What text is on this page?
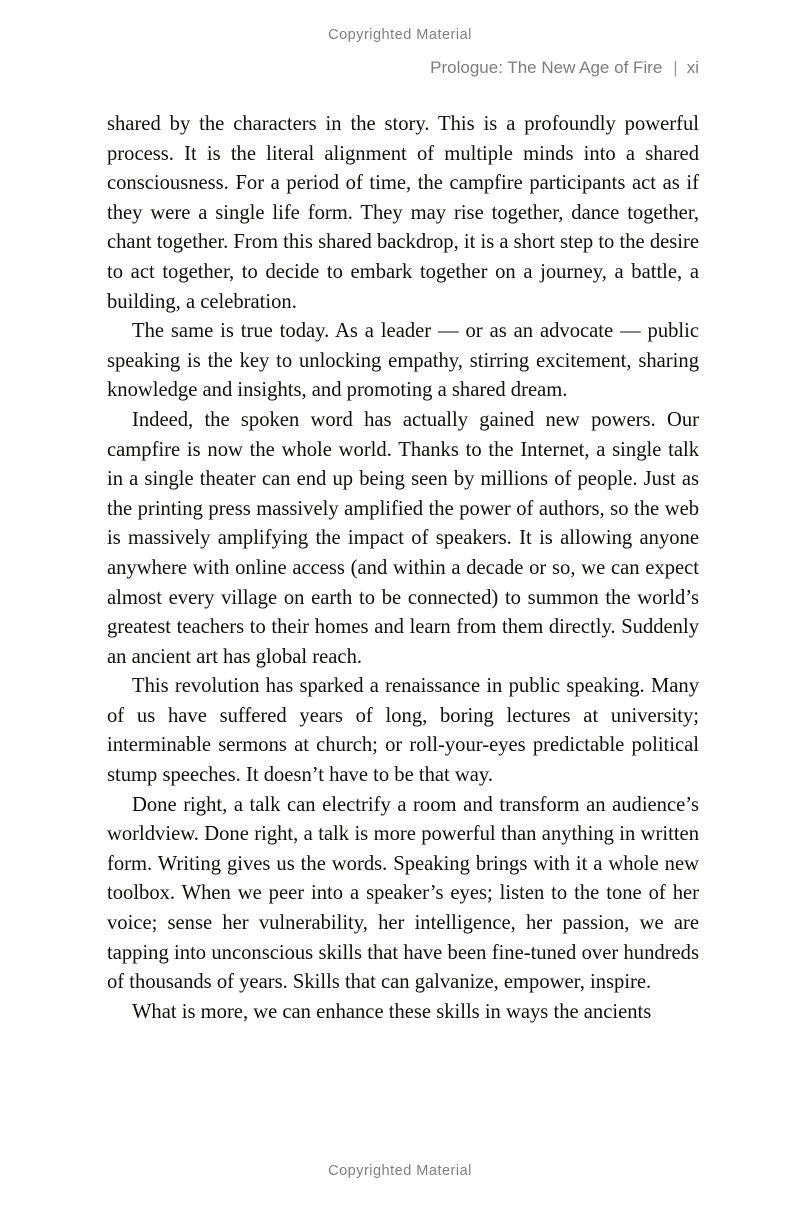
Copyrighted Material
Prologue: The New Age of Fire | xi

shared by the characters in the story. This is a profoundly powerful process. It is the literal alignment of multiple minds into a shared consciousness. For a period of time, the campfire participants act as if they were a single life form. They may rise together, dance together, chant together. From this shared backdrop, it is a short step to the desire to act together, to decide to embark together on a journey, a battle, a building, a celebration.

The same is true today. As a leader — or as an advocate — public speaking is the key to unlocking empathy, stirring excitement, sharing knowledge and insights, and promoting a shared dream.

Indeed, the spoken word has actually gained new powers. Our campfire is now the whole world. Thanks to the Internet, a single talk in a single theater can end up being seen by millions of people. Just as the printing press massively amplified the power of authors, so the web is massively amplifying the impact of speakers. It is allowing anyone anywhere with online access (and within a decade or so, we can expect almost every village on earth to be connected) to summon the world’s greatest teachers to their homes and learn from them directly. Suddenly an ancient art has global reach.

This revolution has sparked a renaissance in public speaking. Many of us have suffered years of long, boring lectures at university; interminable sermons at church; or roll-your-eyes predictable political stump speeches. It doesn’t have to be that way.

Done right, a talk can electrify a room and transform an audience’s worldview. Done right, a talk is more powerful than anything in written form. Writing gives us the words. Speaking brings with it a whole new toolbox. When we peer into a speaker’s eyes; listen to the tone of her voice; sense her vulnerability, her intelligence, her passion, we are tapping into unconscious skills that have been fine-tuned over hundreds of thousands of years. Skills that can galvanize, empower, inspire.

What is more, we can enhance these skills in ways the ancients

Copyrighted Material
